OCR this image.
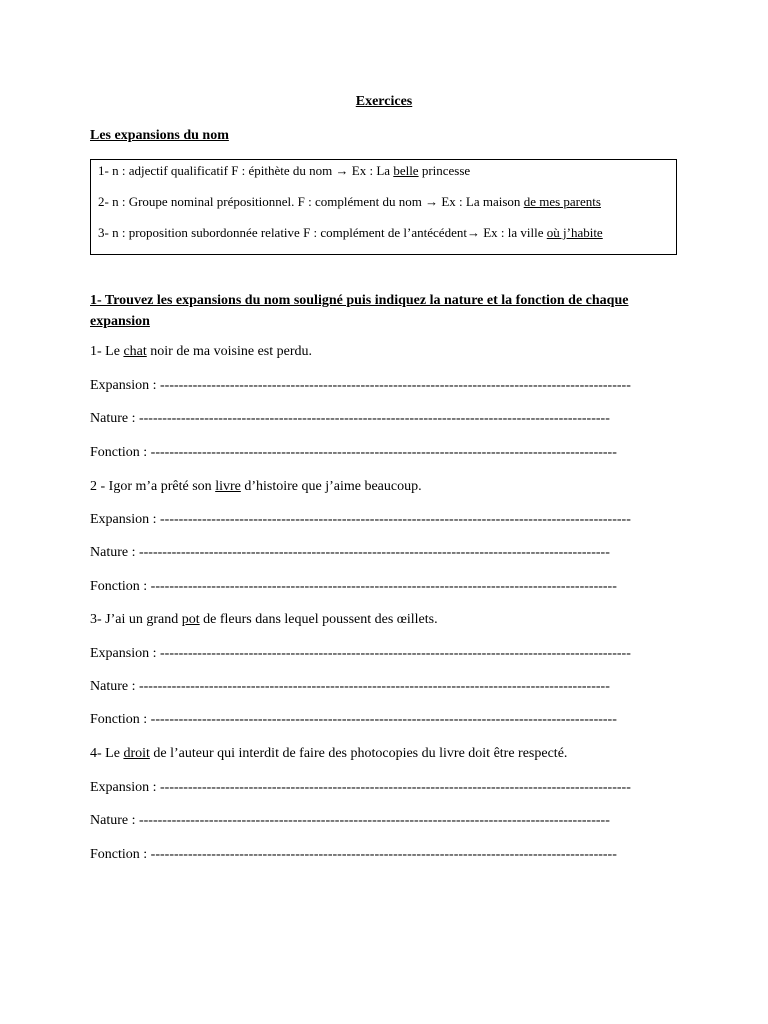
Exercices
Les expansions du nom
1- n : adjectif qualificatif F : épithète du nom → Ex : La belle princesse
2- n : Groupe nominal prépositionnel. F : complément du nom → Ex : La maison de mes parents
3- n : proposition subordonnée relative F : complément de l’antécédent→ Ex : la ville où j’habite
1- Trouvez les expansions du nom souligné puis indiquez la nature et la fonction de chaque expansion
1- Le chat noir de ma voisine est perdu.
Expansion : -----------------------------------------------------------------------------------------------------
Nature : -----------------------------------------------------------------------------------------------------
Fonction : ----------------------------------------------------------------------------------------------------
2 - Igor m’a prêté son livre d’histoire que j’aime beaucoup.
Expansion : -----------------------------------------------------------------------------------------------------
Nature : -----------------------------------------------------------------------------------------------------
Fonction : ----------------------------------------------------------------------------------------------------
3- J’ai un grand pot de fleurs dans lequel poussent des œillets.
Expansion : -----------------------------------------------------------------------------------------------------
Nature : -----------------------------------------------------------------------------------------------------
Fonction : ----------------------------------------------------------------------------------------------------
4- Le droit de l’auteur qui interdit de faire des photocopies du livre doit être respecté.
Expansion : -----------------------------------------------------------------------------------------------------
Nature : -----------------------------------------------------------------------------------------------------
Fonction : ----------------------------------------------------------------------------------------------------
